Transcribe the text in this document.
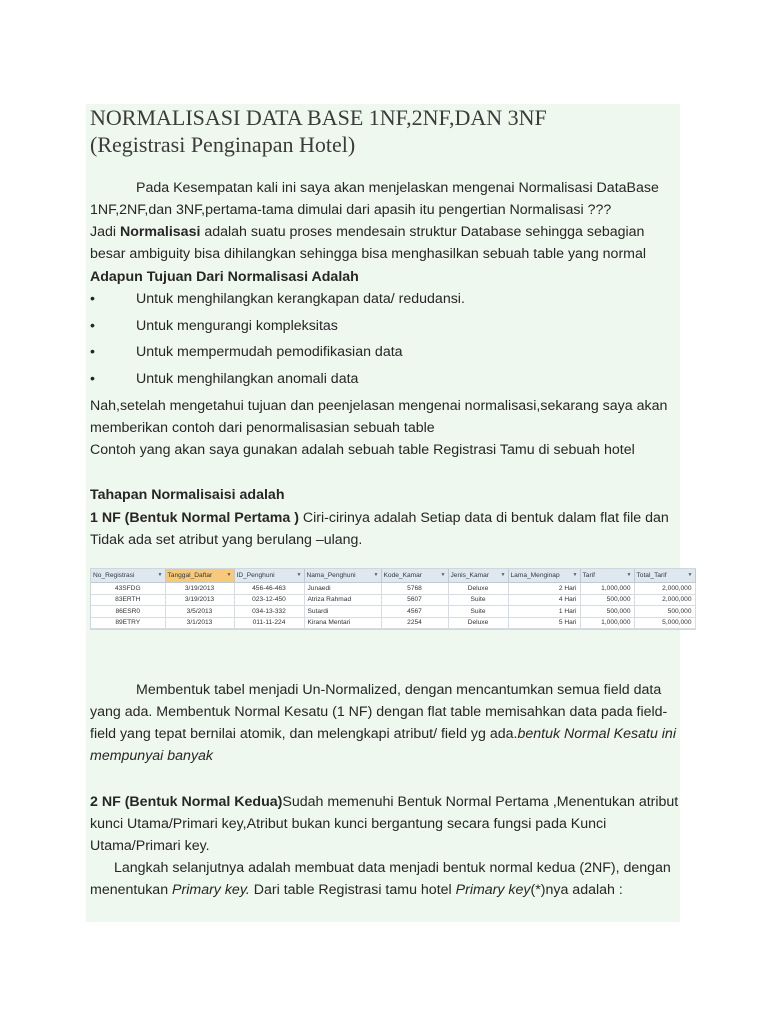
NORMALISASI DATA BASE 1NF,2NF,DAN 3NF
(Registrasi Penginapan Hotel)

Pada Kesempatan kali ini saya akan menjelaskan mengenai Normalisasi DataBase 1NF,2NF,dan 3NF,pertama-tama dimulai dari apasih itu pengertian Normalisasi ???

Jadi Normalisasi adalah suatu proses mendesain struktur Database sehingga sebagian besar ambiguity bisa dihilangkan sehingga bisa menghasilkan sebuah table yang normal

Adapun Tujuan Dari Normalisasi Adalah

•	Untuk menghilangkan kerangkapan data/ redudansi.
•	Untuk mengurangi kompleksitas
•	Untuk mempermudah pemodifikasian data
•	Untuk menghilangkan anomali data

Nah,setelah mengetahui tujuan dan peenjelasan mengenai normalisasi,sekarang saya akan memberikan contoh dari penormalisasian sebuah table

Contoh yang akan saya gunakan adalah sebuah table Registrasi Tamu di sebuah hotel

Tahapan Normalisaisi adalah

1 NF (Bentuk Normal Pertama ) Ciri-cirinya adalah Setiap data di bentuk dalam flat file dan Tidak ada set atribut yang berulang –ulang.

No_Registrasi ▼	Tanggal_Daftar ▼	ID_Penghuni ▼	Nama_Penghuni ▼	Kode_Kamar ▼	Jenis_Kamar ▼	Lama_Menginap ▼	Tarif ▼	Total_Tarif ▼

43SFDG	3/19/2013	456-46-463	Junaedi	5768	Deluxe	2 Hari	1,000,000	2,000,000
83ERTH	3/19/2013	023-12-450	Atriza Rahmad	5607	Suite	4 Hari	500,000	2,000,000
86ESR0	3/5/2013	034-13-332	Sutardi	4567	Suite	1 Hari	500,000	500,000
89ETRY	3/1/2013	011-11-224	Kirana Mentari	2254	Deluxe	5 Hari	1,000,000	5,000,000

Membentuk tabel menjadi Un-Normalized, dengan mencantumkan semua field data yang ada. Membentuk Normal Kesatu (1 NF) dengan flat table memisahkan data pada field-field yang tepat bernilai atomik, dan melengkapi atribut/ field yg ada.bentuk Normal Kesatu ini mempunyai banyak

2 NF (Bentuk Normal Kedua)Sudah memenuhi Bentuk Normal Pertama ,Menentukan atribut kunci Utama/Primari key,Atribut bukan kunci bergantung secara fungsi pada Kunci Utama/Primari key.

Langkah selanjutnya adalah membuat data menjadi bentuk normal kedua (2NF), dengan menentukan Primary key. Dari table Registrasi tamu hotel Primary key(*)nya adalah :
